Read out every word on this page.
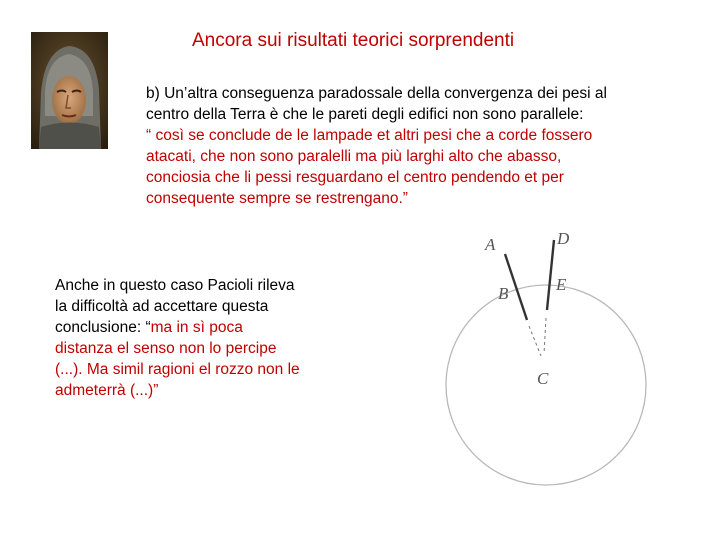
Ancora sui risultati teorici sorprendenti
b) Un’altra conseguenza paradossale della convergenza dei pesi al
centro della Terra è che le pareti degli edifici non sono parallele:
“ così se conclude de le lampade et altri pesi che a corde fossero
atacati, che non sono paralelli ma più larghi alto che abasso,
conciosia che li pessi resguardano el centro pendendo et per
consequente sempre se restrengano.”
Anche in questo caso Pacioli rileva
la difficoltà ad accettare questa
conclusione: “ma in sì poca
distanza el senso non lo percipe
(...). Ma simil ragioni el rozzo non le
admeterrà (...)”
A	D
B	E
C
